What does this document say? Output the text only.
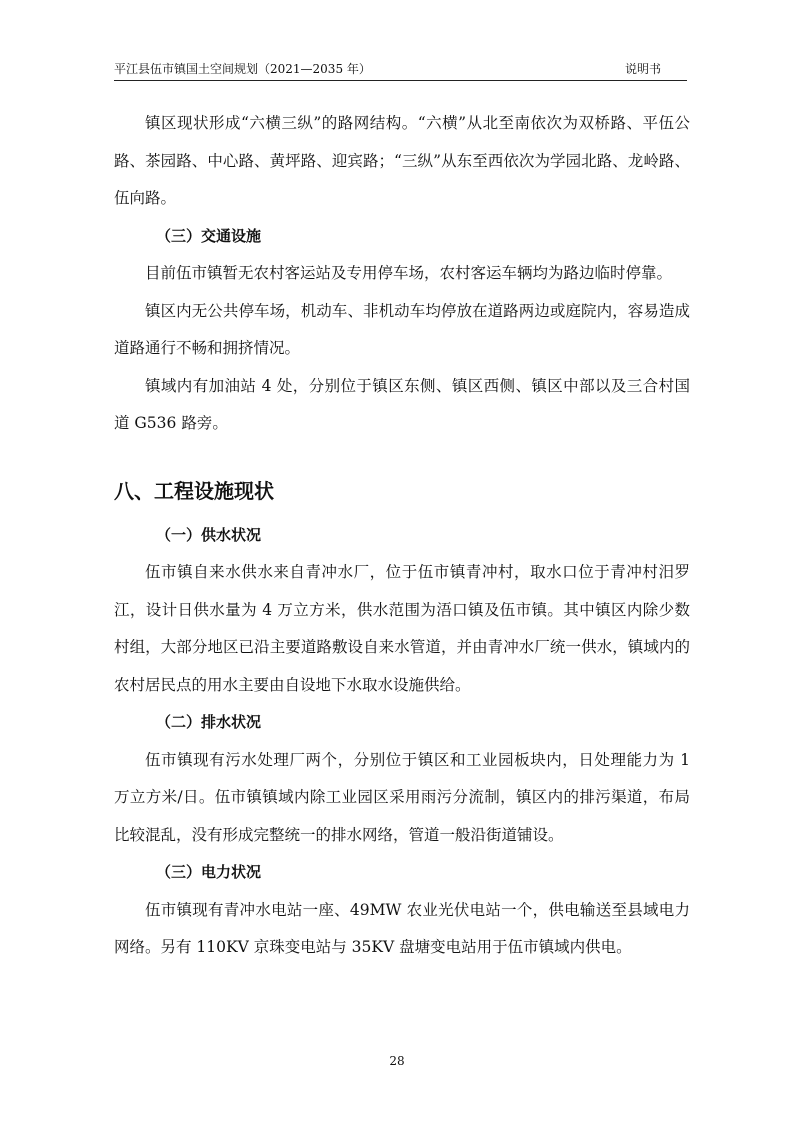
平江县伍市镇国土空间规划（2021—2035 年）	说明书

镇区现状形成“六横三纵”的路网结构。“六横”从北至南依次为双桥路、平伍公路、茶园路、中心路、黄坪路、迎宾路；“三纵”从东至西依次为学园北路、龙岭路、伍向路。

（三）交通设施

目前伍市镇暂无农村客运站及专用停车场，农村客运车辆均为路边临时停靠。

镇区内无公共停车场，机动车、非机动车均停放在道路两边或庭院内，容易造成道路通行不畅和拥挤情况。

镇域内有加油站 4 处，分别位于镇区东侧、镇区西侧、镇区中部以及三合村国道 G536 路旁。

八、工程设施现状
（一）供水状况

伍市镇自来水供水来自青冲水厂，位于伍市镇青冲村，取水口位于青冲村汨罗江，设计日供水量为 4 万立方米，供水范围为浯口镇及伍市镇。其中镇区内除少数村组，大部分地区已沿主要道路敷设自来水管道，并由青冲水厂统一供水，镇域内的农村居民点的用水主要由自设地下水取水设施供给。

（二）排水状况

伍市镇现有污水处理厂两个，分别位于镇区和工业园板块内，日处理能力为 1 万立方米/日。伍市镇镇域内除工业园区采用雨污分流制，镇区内的排污渠道，布局比较混乱，没有形成完整统一的排水网络，管道一般沿街道铺设。

（三）电力状况

伍市镇现有青冲水电站一座、49MW 农业光伏电站一个，供电输送至县域电力网络。另有 110KV 京珠变电站与 35KV 盘塘变电站用于伍市镇域内供电。

28
